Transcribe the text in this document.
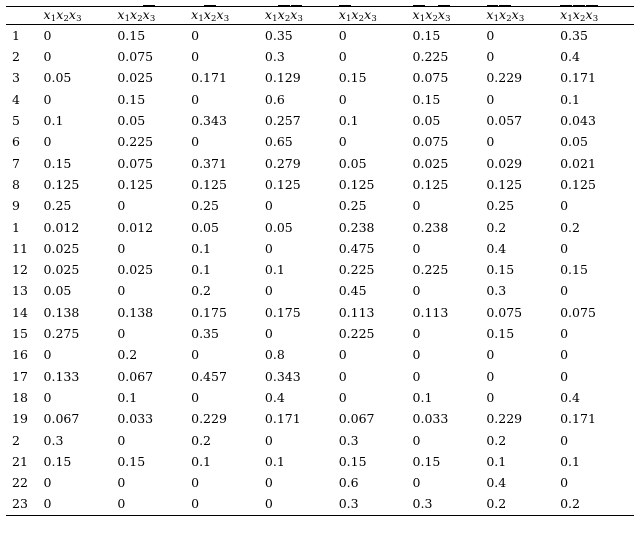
	$x_1x_2x_3$	$x_1x_2x_3$	$x_1x_2x_3$	$x_1x_2x_3$	$x_1x_2x_3$	$x_1x_2x_3$	$x_1x_2x_3$	$x_1x_2x_3$
1	0	0.15	0	0.35	0	0.15	0	0.35
2	0	0.075	0	0.3	0	0.225	0	0.4
3	0.05	0.025	0.171	0.129	0.15	0.075	0.229	0.171
4	0	0.15	0	0.6	0	0.15	0	0.1
5	0.1	0.05	0.343	0.257	0.1	0.05	0.057	0.043
6	0	0.225	0	0.65	0	0.075	0	0.05
7	0.15	0.075	0.371	0.279	0.05	0.025	0.029	0.021
8	0.125	0.125	0.125	0.125	0.125	0.125	0.125	0.125
9	0.25	0	0.25	0	0.25	0	0.25	0
1	0.012	0.012	0.05	0.05	0.238	0.238	0.2	0.2
11	0.025	0	0.1	0	0.475	0	0.4	0
12	0.025	0.025	0.1	0.1	0.225	0.225	0.15	0.15
13	0.05	0	0.2	0	0.45	0	0.3	0
14	0.138	0.138	0.175	0.175	0.113	0.113	0.075	0.075
15	0.275	0	0.35	0	0.225	0	0.15	0
16	0	0.2	0	0.8	0	0	0	0
17	0.133	0.067	0.457	0.343	0	0	0	0
18	0	0.1	0	0.4	0	0.1	0	0.4
19	0.067	0.033	0.229	0.171	0.067	0.033	0.229	0.171
2	0.3	0	0.2	0	0.3	0	0.2	0
21	0.15	0.15	0.1	0.1	0.15	0.15	0.1	0.1
22	0	0	0	0	0.6	0	0.4	0
23	0	0	0	0	0.3	0.3	0.2	0.2
